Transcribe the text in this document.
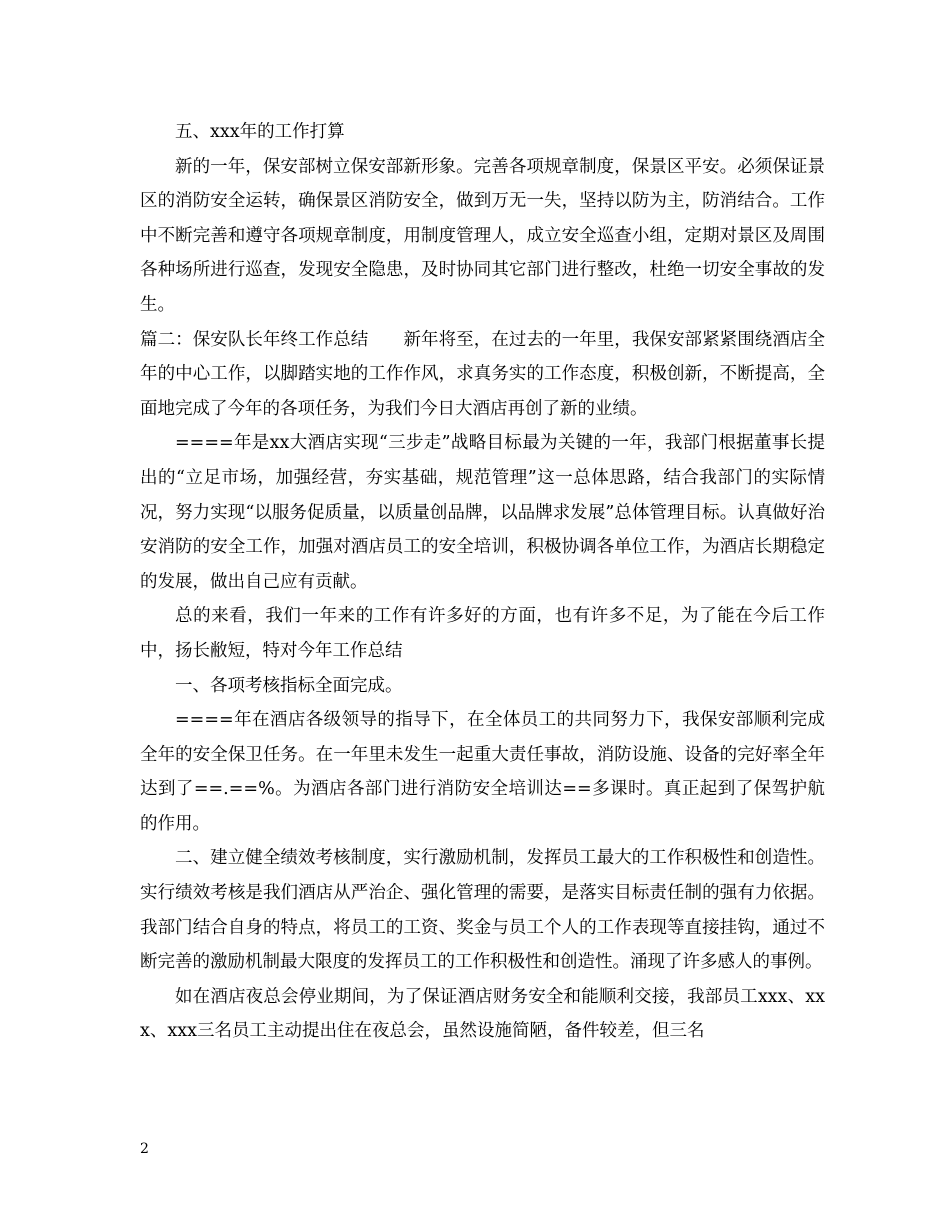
五、xxx年的工作打算

新的一年，保安部树立保安部新形象。完善各项规章制度，保景区平安。必须保证景区的消防安全运转，确保景区消防安全，做到万无一失，坚持以防为主，防消结合。工作中不断完善和遵守各项规章制度，用制度管理人，成立安全巡查小组，定期对景区及周围各种场所进行巡查，发现安全隐患，及时协同其它部门进行整改，杜绝一切安全事故的发生。

篇二：保安队长年终工作总结　　新年将至，在过去的一年里，我保安部紧紧围绕酒店全年的中心工作，以脚踏实地的工作作风，求真务实的工作态度，积极创新，不断提高，全面地完成了今年的各项任务，为我们今日大酒店再创了新的业绩。

====年是xx大酒店实现“三步走”战略目标最为关键的一年，我部门根据董事长提出的“立足市场，加强经营，夯实基础，规范管理”这一总体思路，结合我部门的实际情况，努力实现“以服务促质量，以质量创品牌，以品牌求发展”总体管理目标。认真做好治安消防的安全工作，加强对酒店员工的安全培训，积极协调各单位工作，为酒店长期稳定的发展，做出自己应有贡献。

总的来看，我们一年来的工作有许多好的方面，也有许多不足，为了能在今后工作中，扬长敝短，特对今年工作总结

一、各项考核指标全面完成。

====年在酒店各级领导的指导下，在全体员工的共同努力下，我保安部顺利完成全年的安全保卫任务。在一年里未发生一起重大责任事故，消防设施、设备的完好率全年达到了==.==%。为酒店各部门进行消防安全培训达==多课时。真正起到了保驾护航的作用。

二、建立健全绩效考核制度，实行激励机制，发挥员工最大的工作积极性和创造性。实行绩效考核是我们酒店从严治企、强化管理的需要，是落实目标责任制的强有力依据。我部门结合自身的特点，将员工的工资、奖金与员工个人的工作表现等直接挂钩，通过不断完善的激励机制最大限度的发挥员工的工作积极性和创造性。涌现了许多感人的事例。

如在酒店夜总会停业期间，为了保证酒店财务安全和能顺利交接，我部员工xxx、xxx、xxx三名员工主动提出住在夜总会，虽然设施简陋，备件较差，但三名

2
